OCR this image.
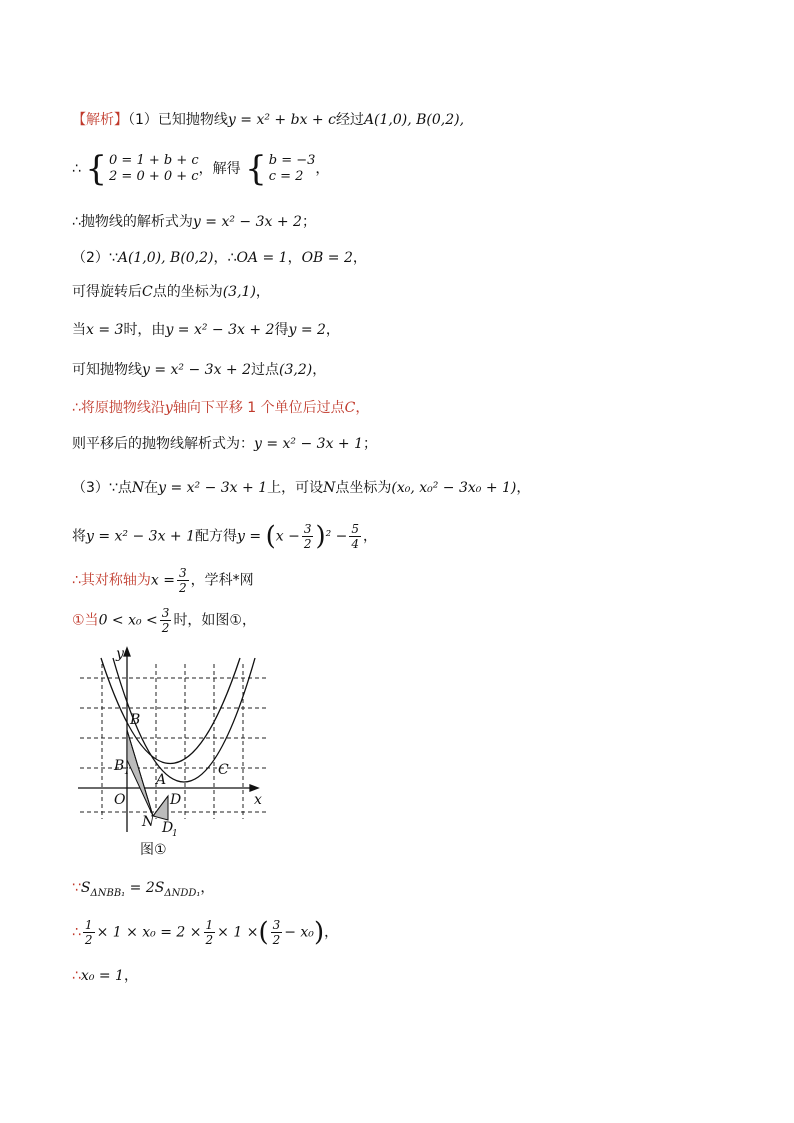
【解析】（1）已知抛物线y = x² + bx + c经过A(1,0), B(0,2),
∴ { 0 = 1 + b + c
2 = 0 + 0 + c ，解得 { b = −3
c = 2 ，
∴抛物线的解析式为y = x² − 3x + 2；
（2）∵A(1,0), B(0,2)，∴OA = 1，OB = 2，
可得旋转后C点的坐标为(3,1)，
当x = 3时，由y = x² − 3x + 2得y = 2，
可知抛物线y = x² − 3x + 2过点(3,2)，
∴将原抛物线沿y轴向下平移 1 个单位后过点C，
则平移后的抛物线解析式为：y = x² − 3x + 1；
（3）∵点N在y = x² − 3x + 1上，可设N点坐标为(x₀, x₀² − 3x₀ + 1)，
将y = x² − 3x + 1配方得$y = (x - \frac{3}{2} )^2 - \frac{5}{4}$ ，
∴其对称轴为$x = \frac{3}{2}$ ，学科*网
①当$0 < x_0 < \frac{3}{2}$ 时，如图①，
y
x
B
B 1 A
C
O	D
N D
1
图①
$\because S_{\Delta NBB_1} = 2S_{\Delta NDD_1}$，
∴ $\frac{1}{2} \times 1 \times x_0 = 2 \times \frac{1}{2} \times 1$ ×( $\frac{3}{2} - x_0$)，
∴x₀ = 1，
